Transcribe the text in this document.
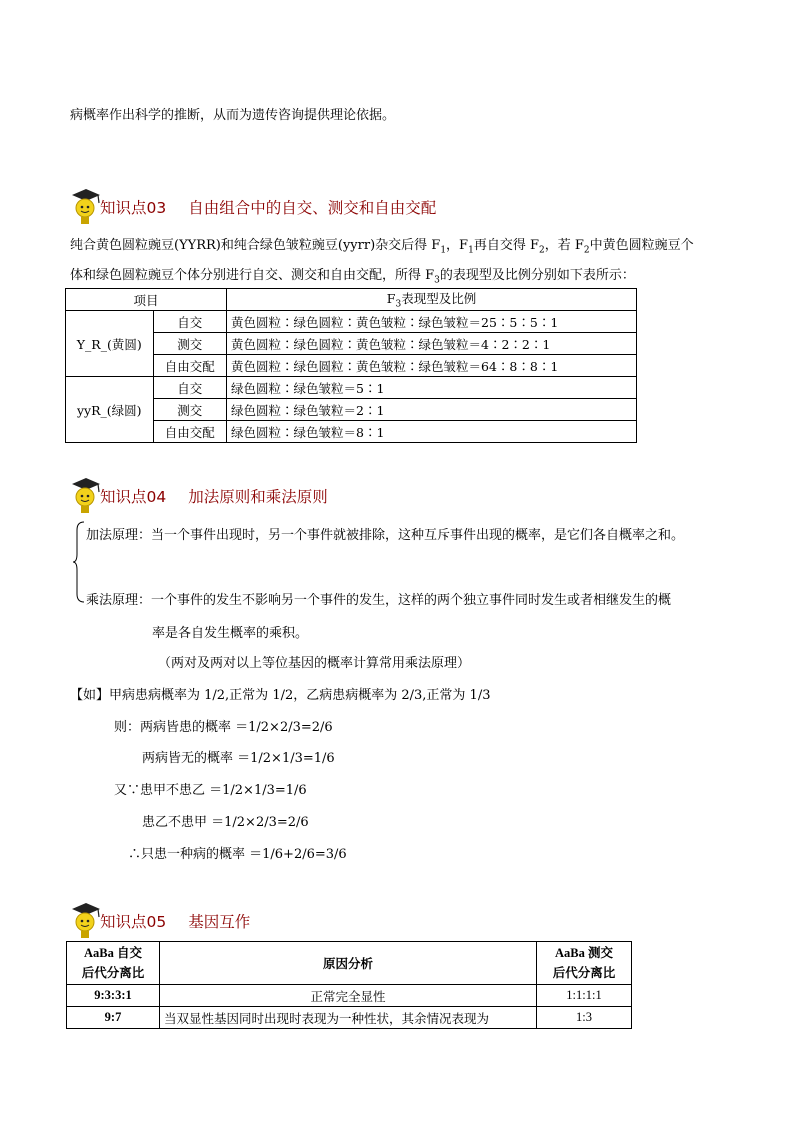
病概率作出科学的推断，从而为遗传咨询提供理论依据。
知识点03 自由组合中的自交、测交和自由交配
纯合黄色圆粒豌豆(YYRR)和纯合绿色皱粒豌豆(yyrr)杂交后得 $F_1$，$F_1$再自交得 $F_2$，若 $F_2$中黄色圆粒豌豆个
体和绿色圆粒豌豆个体分别进行自交、测交和自由交配，所得 $F_3$的表现型及比例分别如下表所示：
项目		$F_3$表现型及比例
Y_R_(黄圆)	自交	黄色圆粒∶绿色圆粒∶黄色皱粒∶绿色皱粒＝25∶5∶5∶1
	测交	黄色圆粒∶绿色圆粒∶黄色皱粒∶绿色皱粒＝4∶2∶2∶1
	自由交配	黄色圆粒∶绿色圆粒∶黄色皱粒∶绿色皱粒＝64∶8∶8∶1
yyR_(绿圆)	自交	绿色圆粒∶绿色皱粒＝5∶1
	测交	绿色圆粒∶绿色皱粒＝2∶1
	自由交配	绿色圆粒∶绿色皱粒＝8∶1
知识点04 加法原则和乘法原则
加法原理：当一个事件出现时，另一个事件就被排除，这种互斥事件出现的概率，是它们各自概率之和。
乘法原理：一个事件的发生不影响另一个事件的发生，这样的两个独立事件同时发生或者相继发生的概
率是各自发生概率的乘积。
（两对及两对以上等位基因的概率计算常用乘法原理）
【如】甲病患病概率为 1/2,正常为 1/2，乙病患病概率为 2/3,正常为 1/3
则：两病皆患的概率 ＝1/2×2/3=2/6
两病皆无的概率 ＝1/2×1/3=1/6
又∵患甲不患乙 ＝1/2×1/3=1/6
患乙不患甲 ＝1/2×2/3=2/6
∴只患一种病的概率 ＝1/6+2/6=3/6
知识点05 基因互作
AaBa 自交
后代分离比	原因分析	AaBa 测交
后代分离比
9:3:3:1	正常完全显性	1:1:1:1
9:7	当双显性基因同时出现时表现为一种性状，其余情况表现为	1:3
